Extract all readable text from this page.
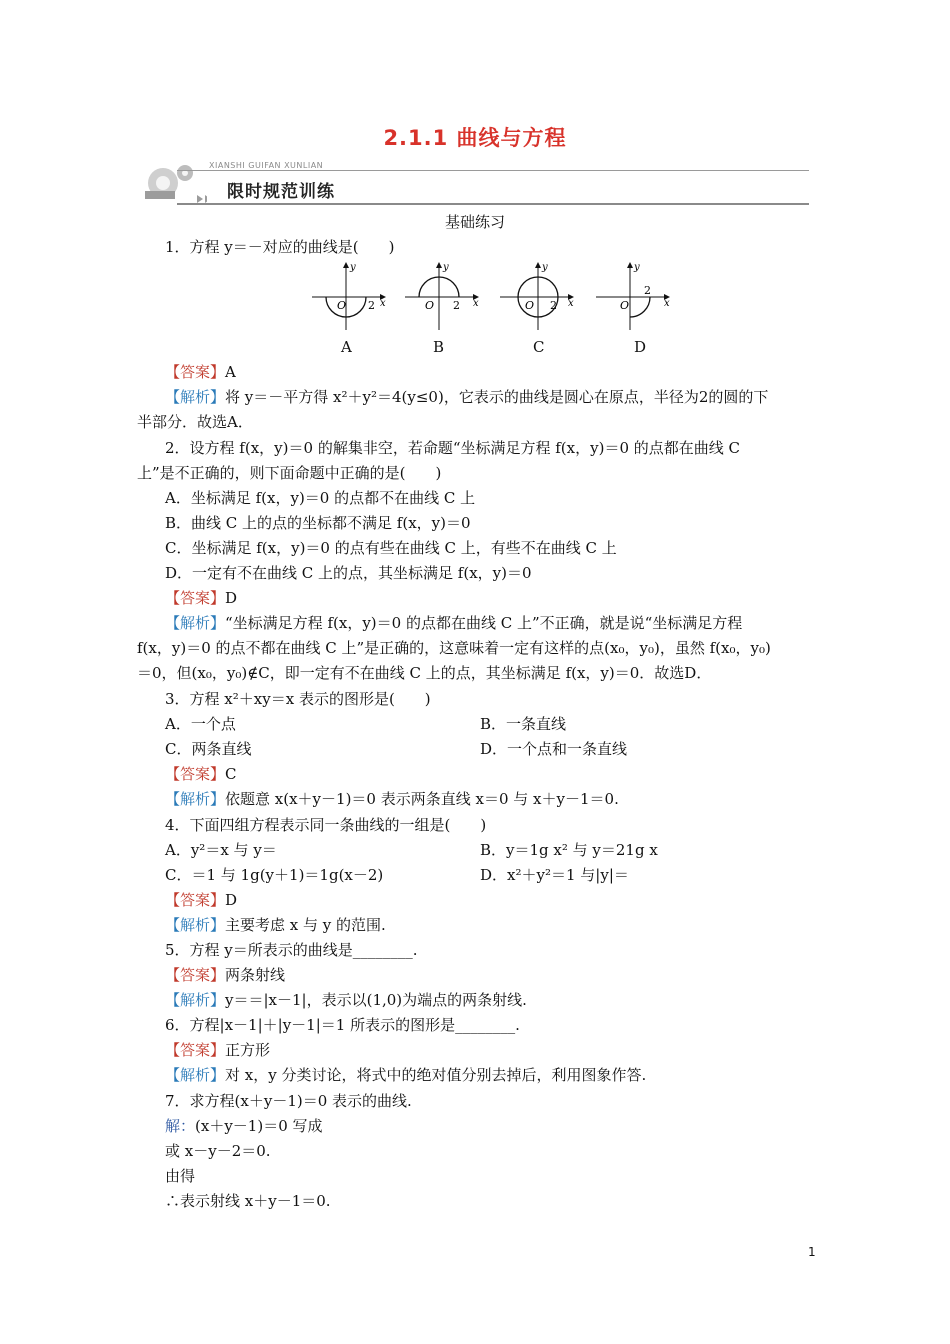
2.1.1 曲线与方程
XIANSHI GUIFAN XUNLIAN
限时规范训练
基础练习
1．方程 y＝－对应的曲线是(　　)
y
O 2 x
y
O 2 x
y
O 2 x
y
O
2
x
A	B	C	D
【答案】A
【解析】将 y＝－平方得 x²＋y²＝4(y≤0)，它表示的曲线是圆心在原点，半径为2的圆的下
半部分．故选A．
2．设方程 f(x，y)＝0 的解集非空，若命题“坐标满足方程 f(x，y)＝0 的点都在曲线 C
上”是不正确的，则下面命题中正确的是(　　)
A．坐标满足 f(x，y)＝0 的点都不在曲线 C 上
B．曲线 C 上的点的坐标都不满足 f(x，y)＝0
C．坐标满足 f(x，y)＝0 的点有些在曲线 C 上，有些不在曲线 C 上
D．一定有不在曲线 C 上的点，其坐标满足 f(x，y)＝0
【答案】D
【解析】“坐标满足方程 f(x，y)＝0 的点都在曲线 C 上”不正确，就是说“坐标满足方程
f(x，y)＝0 的点不都在曲线 C 上”是正确的，这意味着一定有这样的点(x₀，y₀)，虽然 f(x₀，y₀)
＝0，但(x₀，y₀)∉C，即一定有不在曲线 C 上的点，其坐标满足 f(x，y)＝0．故选D．
3．方程 x²＋xy＝x 表示的图形是(　　)
A．一个点	B．一条直线
C．两条直线	D．一个点和一条直线
【答案】C
【解析】依题意 x(x＋y－1)＝0 表示两条直线 x＝0 与 x＋y－1＝0.
4．下面四组方程表示同一条曲线的一组是(　　)
A．y²＝x 与 y＝	B．y＝1g x² 与 y＝21g x
C．＝1 与 1g(y＋1)＝1g(x－2)	D．x²＋y²＝1 与|y|＝
【答案】D
【解析】主要考虑 x 与 y 的范围.
5．方程 y＝所表示的曲线是________.
【答案】两条射线
【解析】y＝＝|x－1|，表示以(1,0)为端点的两条射线.
6．方程|x－1|＋|y－1|＝1 所表示的图形是________.
【答案】正方形
【解析】对 x，y 分类讨论，将式中的绝对值分别去掉后，利用图象作答.
7．求方程(x＋y－1)＝0 表示的曲线.
解：(x＋y－1)＝0 写成
或 x－y－2＝0.
由得
∴表示射线 x＋y－1＝0.
1
